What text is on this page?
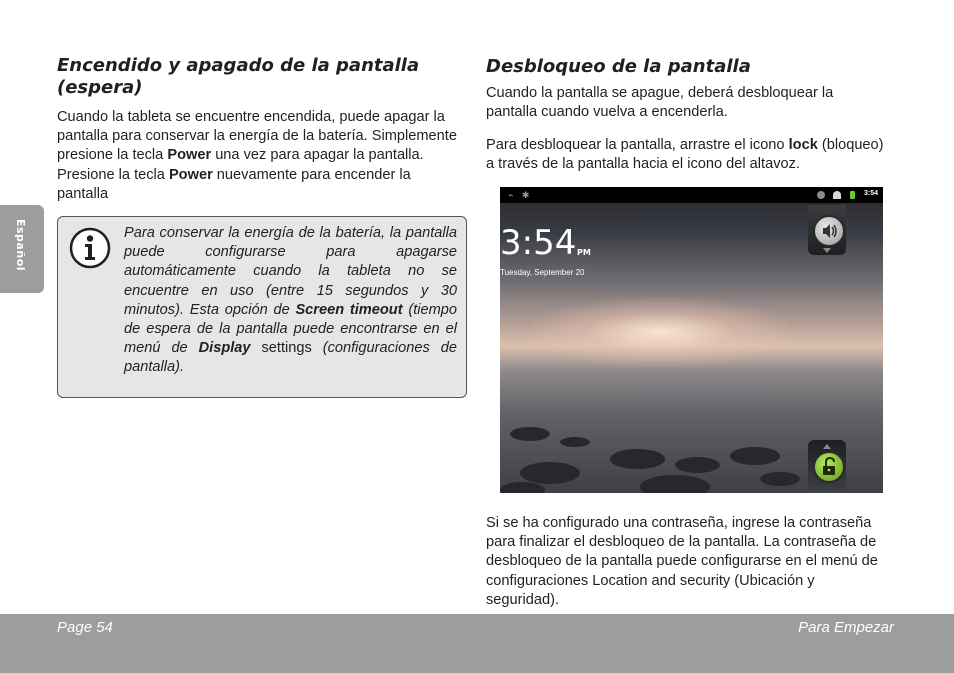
Español
Encendido y apagado de la pantalla (espera)

Cuando la tableta se encuentre encendida, puede apagar la pantalla para conservar la energía de la batería. Simplemente presione la tecla Power una vez para apagar la pantalla. Presione la tecla Power nuevamente para encender la pantalla

Para conservar la energía de la batería, la pantalla puede configurarse para apagarse automáticamente cuando la tableta no se encuentre en uso (entre 15 segundos y 30 minutos). Esta opción de Screen timeout (tiempo de espera de la pantalla puede encontrarse en el menú de Display settings (configuraciones de pantalla).

Desbloqueo de la pantalla

Cuando la pantalla se apague, deberá desbloquear la pantalla cuando vuelva a encenderla.

Para desbloquear la pantalla, arrastre el icono lock (bloqueo) a través de la pantalla hacia el icono del altavoz.

⌁ ✱	3:54
3:54 PM
Tuesday, September 20

Si se ha configurado una contraseña, ingrese la contraseña para finalizar el desbloqueo de la pantalla. La contraseña de desbloqueo de la pantalla puede configurarse en el menú de configuraciones Location and security (Ubicación y seguridad).

Page 54	Para Empezar
